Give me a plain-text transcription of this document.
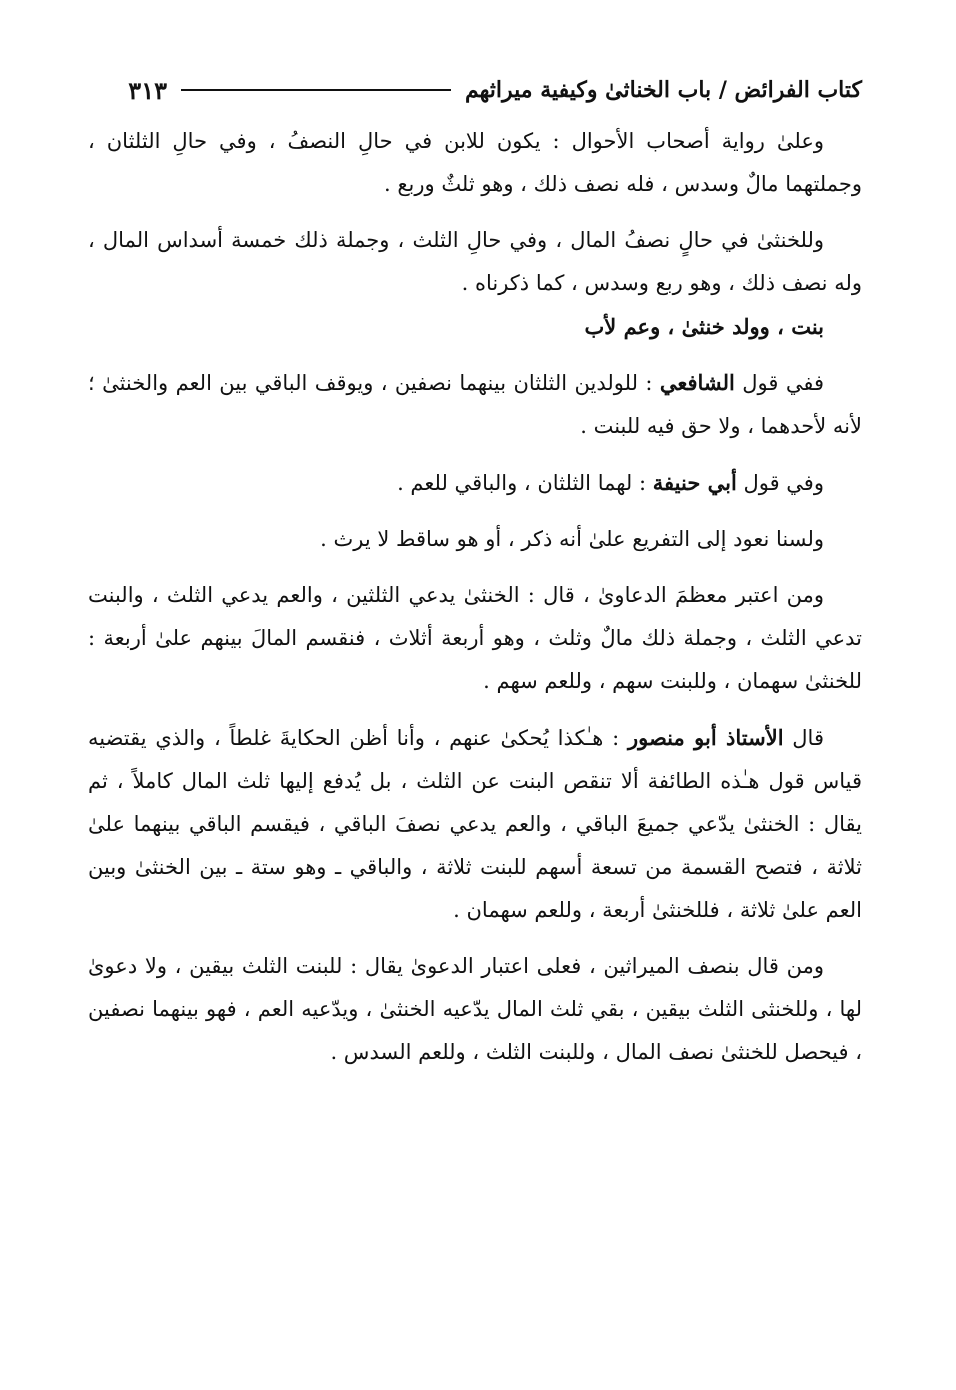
كتاب الفرائض / باب الخناثىٰ وكيفية ميراثهم
٣١٣

وعلىٰ رواية أصحاب الأحوال : يكون للابن في حالِ النصفُ ، وفي حالِ الثلثان ، وجملتهما مالٌ وسدس ، فله نصف ذلك ، وهو ثلثٌ وربع .

وللخنثىٰ في حالٍ نصفُ المال ، وفي حالِ الثلث ، وجملة ذلك خمسة أسداس المال ، وله نصف ذلك ، وهو ربع وسدس ، كما ذكرناه .

بنت ، وولد خنثىٰ ، وعم لأب

ففي قول الشافعي : للولدين الثلثان بينهما نصفين ، ويوقف الباقي بين العم والخنثىٰ ؛ لأنه لأحدهما ، ولا حق فيه للبنت .

وفي قول أبي حنيفة : لهما الثلثان ، والباقي للعم .

ولسنا نعود إلى التفريع علىٰ أنه ذكر ، أو هو ساقط لا يرث .

ومن اعتبر معظمَ الدعاوىٰ ، قال : الخنثىٰ يدعي الثلثين ، والعم يدعي الثلث ، والبنت تدعي الثلث ، وجملة ذلك مالٌ وثلث ، وهو أربعة أثلاث ، فنقسم المالَ بينهم علىٰ أربعة : للخنثىٰ سهمان ، وللبنت سهم ، وللعم سهم .

قال الأستاذ أبو منصور : هـٰكذا يُحكىٰ عنهم ، وأنا أظن الحكايةَ غلطاً ، والذي يقتضيه قياس قول هـٰذه الطائفة ألا تنقص البنت عن الثلث ، بل يُدفع إليها ثلث المال كاملاً ، ثم يقال : الخنثىٰ يدّعي جميعَ الباقي ، والعم يدعي نصفَ الباقي ، فيقسم الباقي بينهما علىٰ ثلاثة ، فتصح القسمة من تسعة أسهم للبنت ثلاثة ، والباقي ـ وهو ستة ـ بين الخنثىٰ وبين العم علىٰ ثلاثة ، فللخنثىٰ أربعة ، وللعم سهمان .

ومن قال بنصف الميراثين ، فعلى اعتبار الدعوىٰ يقال : للبنت الثلث بيقين ، ولا دعوىٰ لها ، وللخنثى الثلث بيقين ، بقي ثلث المال يدّعيه الخنثىٰ ، ويدّعيه العم ، فهو بينهما نصفين ، فيحصل للخنثىٰ نصف المال ، وللبنت الثلث ، وللعم السدس .
